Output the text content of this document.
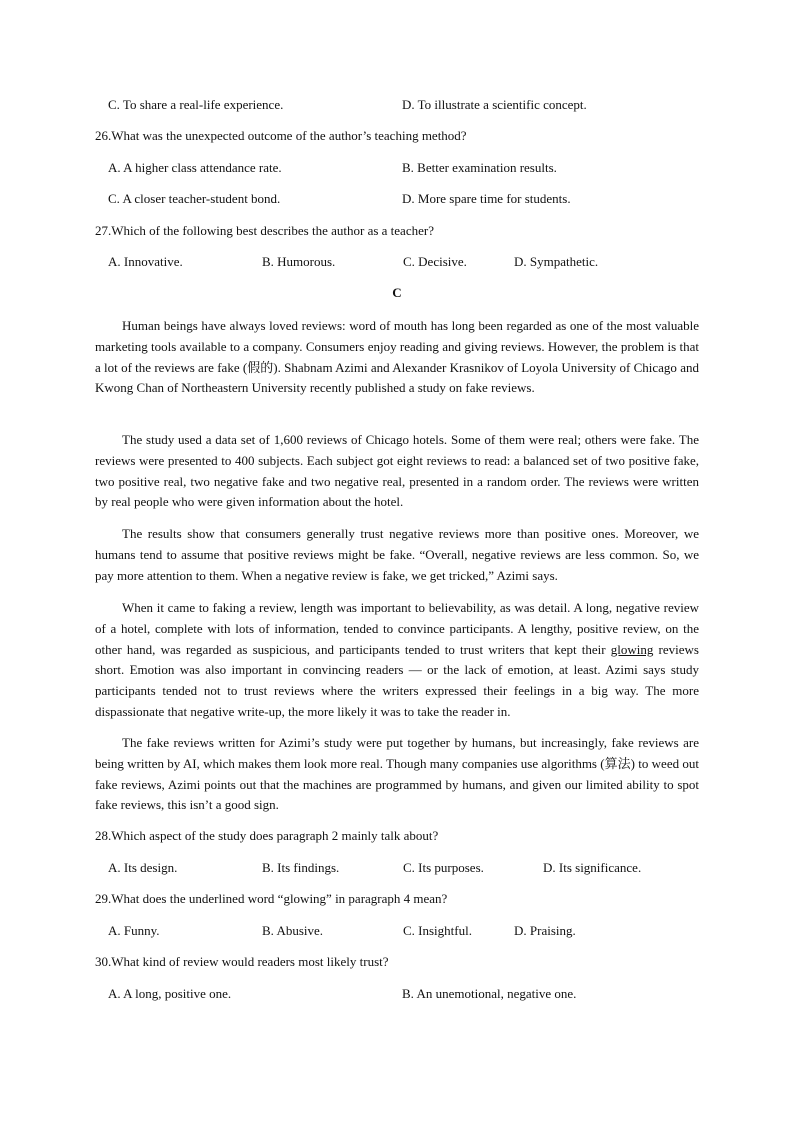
C. To share a real-life experience.	D. To illustrate a scientific concept.
26.What was the unexpected outcome of the author’s teaching method?
A. A higher class attendance rate.	B. Better examination results.
C. A closer teacher-student bond.	D. More spare time for students.
27.Which of the following best describes the author as a teacher?
A. Innovative.	B. Humorous.	C. Decisive.	D. Sympathetic.
C

Human beings have always loved reviews: word of mouth has long been regarded as one of the most valuable marketing tools available to a company. Consumers enjoy reading and giving reviews. However, the problem is that a lot of the reviews are fake (假的). Shabnam Azimi and Alexander Krasnikov of Loyola University of Chicago and Kwong Chan of Northeastern University recently published a study on fake reviews.

The study used a data set of 1,600 reviews of Chicago hotels. Some of them were real; others were fake. The reviews were presented to 400 subjects. Each subject got eight reviews to read: a balanced set of two positive fake, two positive real, two negative fake and two negative real, presented in a random order. The reviews were written by real people who were given information about the hotel.

The results show that consumers generally trust negative reviews more than positive ones. Moreover, we humans tend to assume that positive reviews might be fake. “Overall, negative reviews are less common. So, we pay more attention to them. When a negative review is fake, we get tricked,” Azimi says.

When it came to faking a review, length was important to believability, as was detail. A long, negative review of a hotel, complete with lots of information, tended to convince participants. A lengthy, positive review, on the other hand, was regarded as suspicious, and participants tended to trust writers that kept their glowing reviews short. Emotion was also important in convincing readers — or the lack of emotion, at least. Azimi says study participants tended not to trust reviews where the writers expressed their feelings in a big way. The more dispassionate that negative write-up, the more likely it was to take the reader in.

The fake reviews written for Azimi’s study were put together by humans, but increasingly, fake reviews are being written by AI, which makes them look more real. Though many companies use algorithms (算法) to weed out fake reviews, Azimi points out that the machines are programmed by humans, and given our limited ability to spot fake reviews, this isn’t a good sign.

28.Which aspect of the study does paragraph 2 mainly talk about?
A. Its design.	B. Its findings.	C. Its purposes.	D. Its significance.
29.What does the underlined word “glowing” in paragraph 4 mean?
A. Funny.	B. Abusive.	C. Insightful.	D. Praising.
30.What kind of review would readers most likely trust?
A. A long, positive one.	B. An unemotional, negative one.
